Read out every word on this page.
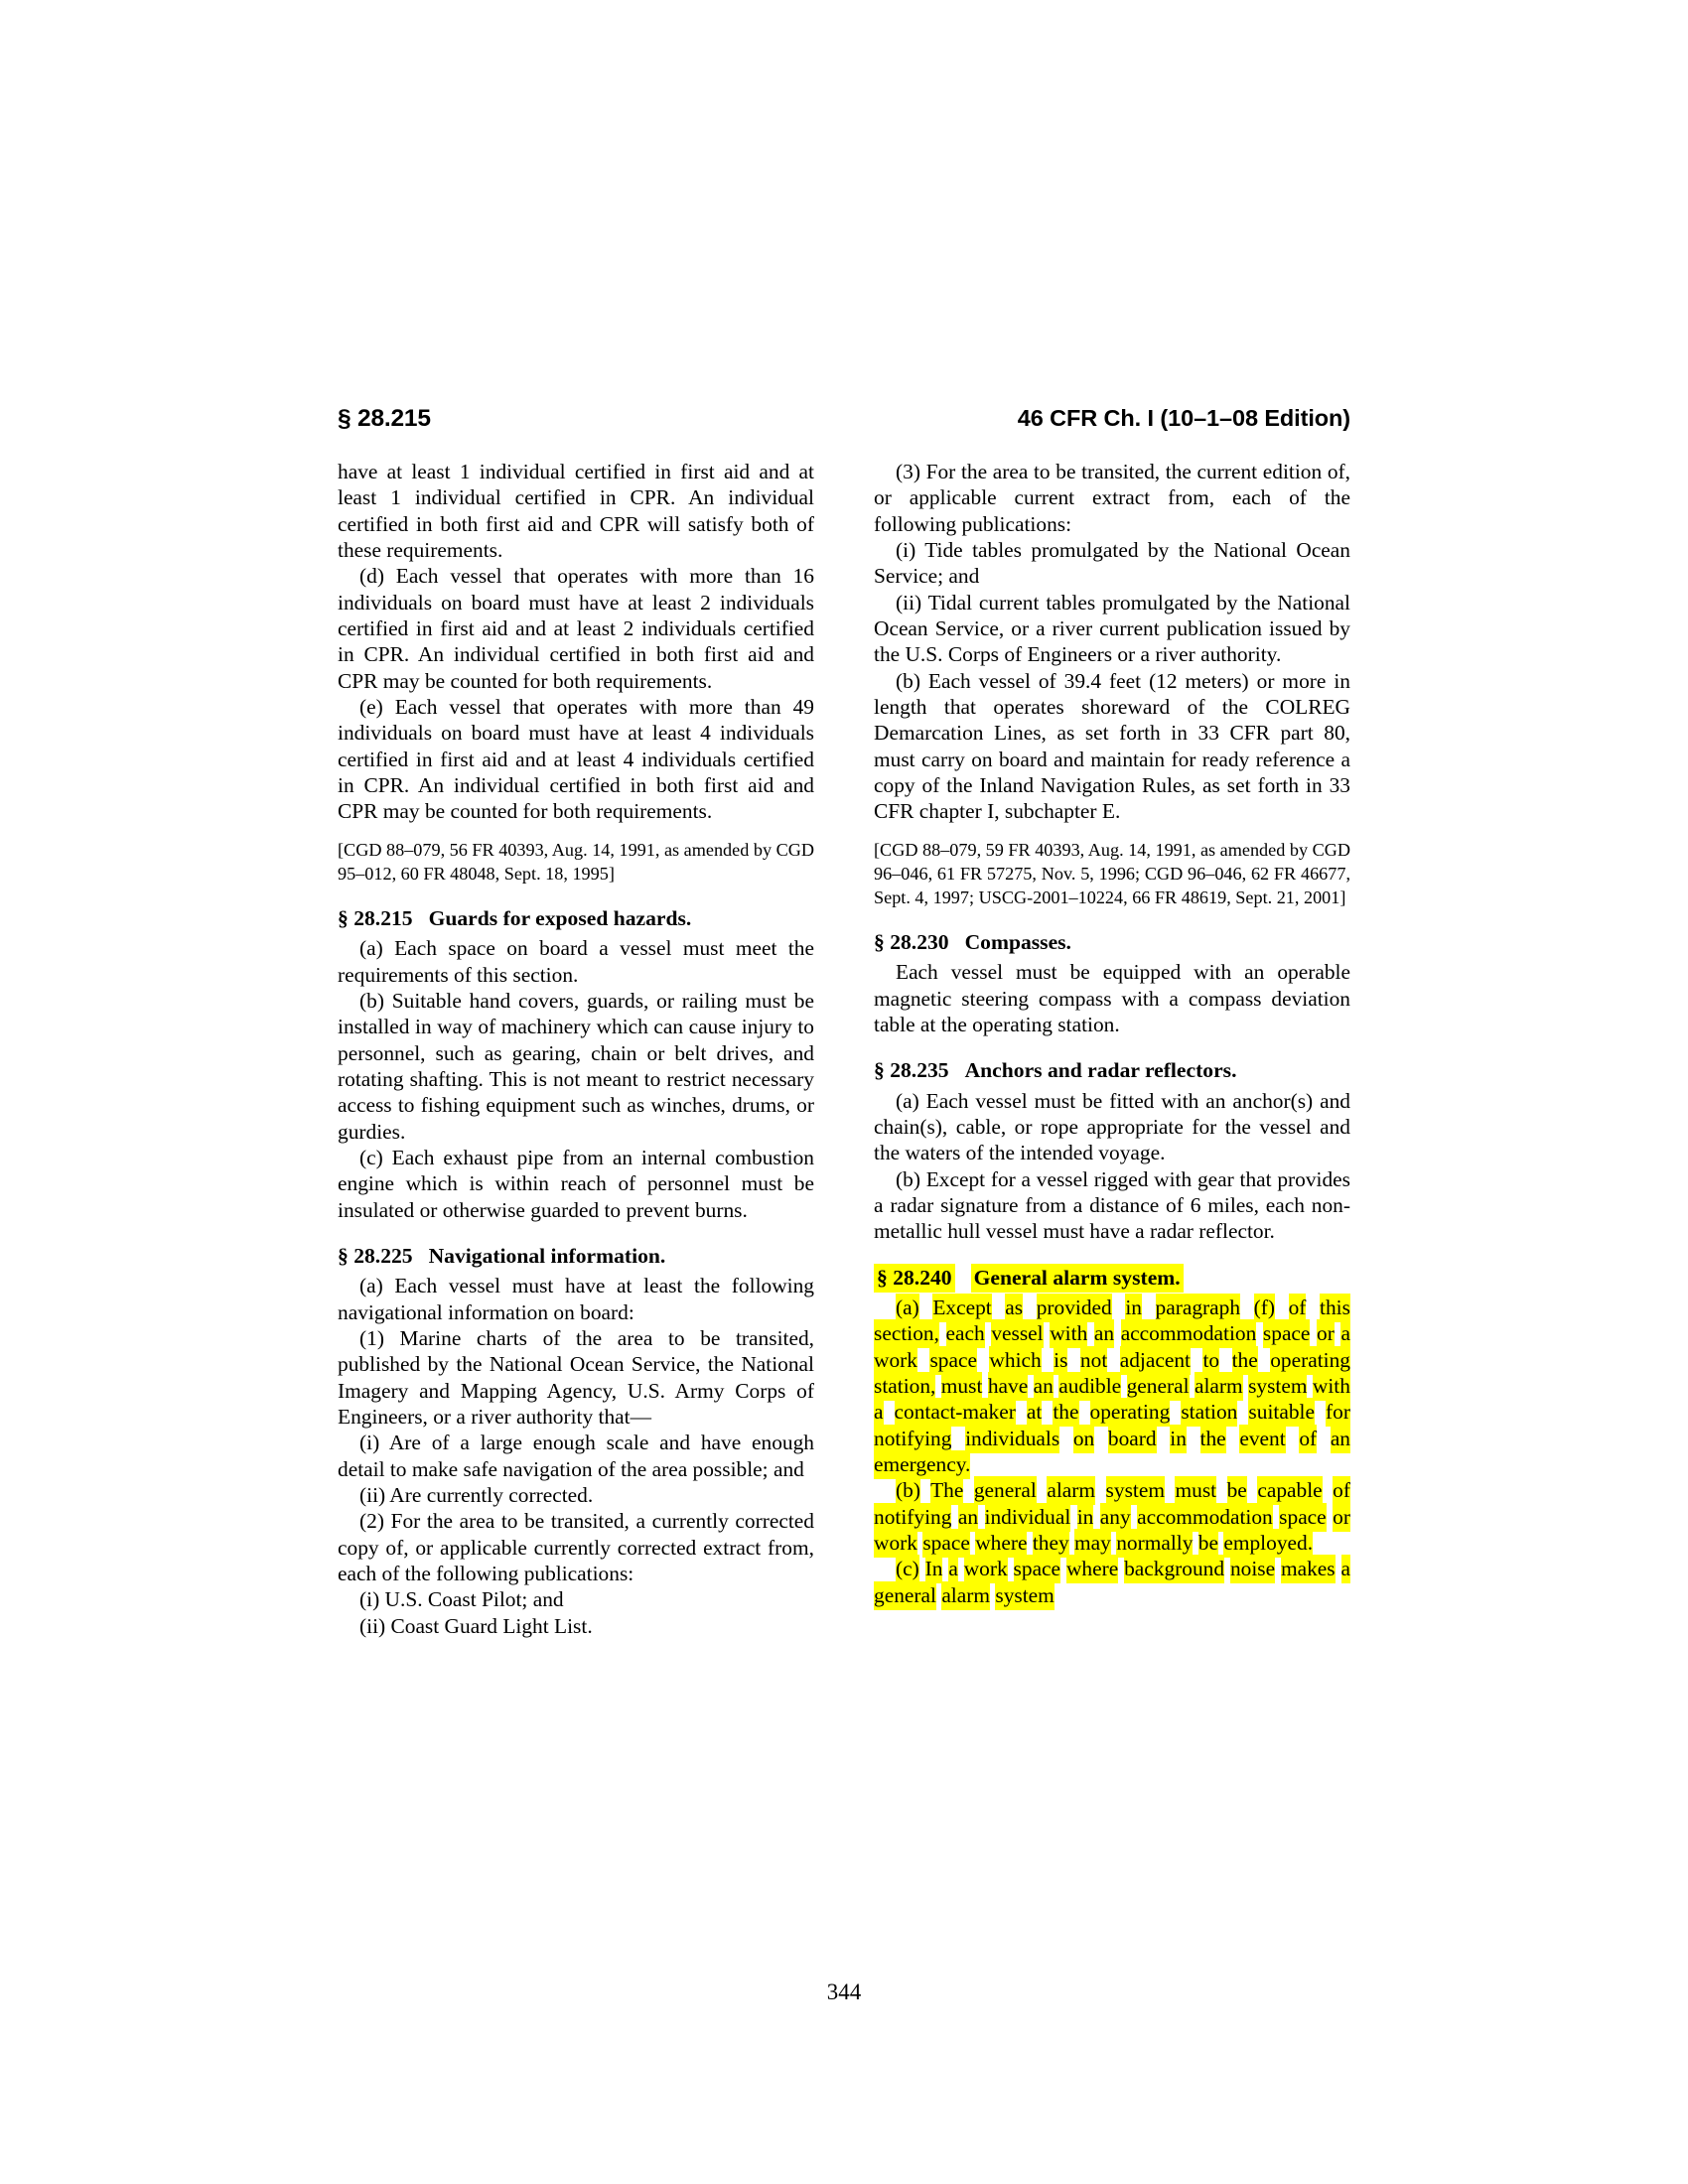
§ 28.215	46 CFR Ch. I (10–1–08 Edition)

have at least 1 individual certified in first aid and at least 1 individual certified in CPR. An individual certified in both first aid and CPR will satisfy both of these requirements.

(d) Each vessel that operates with more than 16 individuals on board must have at least 2 individuals certified in first aid and at least 2 individuals certified in CPR. An individual certified in both first aid and CPR may be counted for both requirements.

(e) Each vessel that operates with more than 49 individuals on board must have at least 4 individuals certified in first aid and at least 4 individuals certified in CPR. An individual certified in both first aid and CPR may be counted for both requirements.

[CGD 88–079, 56 FR 40393, Aug. 14, 1991, as amended by CGD 95–012, 60 FR 48048, Sept. 18, 1995]

§ 28.215 Guards for exposed hazards.

(a) Each space on board a vessel must meet the requirements of this section.

(b) Suitable hand covers, guards, or railing must be installed in way of machinery which can cause injury to personnel, such as gearing, chain or belt drives, and rotating shafting. This is not meant to restrict necessary access to fishing equipment such as winches, drums, or gurdies.

(c) Each exhaust pipe from an internal combustion engine which is within reach of personnel must be insulated or otherwise guarded to prevent burns.

§ 28.225 Navigational information.

(a) Each vessel must have at least the following navigational information on board:

(1) Marine charts of the area to be transited, published by the National Ocean Service, the National Imagery and Mapping Agency, U.S. Army Corps of Engineers, or a river authority that—

(i) Are of a large enough scale and have enough detail to make safe navigation of the area possible; and

(ii) Are currently corrected.

(2) For the area to be transited, a currently corrected copy of, or applicable currently corrected extract from, each of the following publications:

(i) U.S. Coast Pilot; and

(ii) Coast Guard Light List.

(3) For the area to be transited, the current edition of, or applicable current extract from, each of the following publications:

(i) Tide tables promulgated by the National Ocean Service; and

(ii) Tidal current tables promulgated by the National Ocean Service, or a river current publication issued by the U.S. Corps of Engineers or a river authority.

(b) Each vessel of 39.4 feet (12 meters) or more in length that operates shoreward of the COLREG Demarcation Lines, as set forth in 33 CFR part 80, must carry on board and maintain for ready reference a copy of the Inland Navigation Rules, as set forth in 33 CFR chapter I, subchapter E.

[CGD 88–079, 59 FR 40393, Aug. 14, 1991, as amended by CGD 96–046, 61 FR 57275, Nov. 5, 1996; CGD 96–046, 62 FR 46677, Sept. 4, 1997; USCG-2001–10224, 66 FR 48619, Sept. 21, 2001]

§ 28.230 Compasses.

Each vessel must be equipped with an operable magnetic steering compass with a compass deviation table at the operating station.

§ 28.235 Anchors and radar reflectors.

(a) Each vessel must be fitted with an anchor(s) and chain(s), cable, or rope appropriate for the vessel and the waters of the intended voyage.

(b) Except for a vessel rigged with gear that provides a radar signature from a distance of 6 miles, each non-metallic hull vessel must have a radar reflector.

§ 28.240 General alarm system.

(a) Except as provided in paragraph (f) of this section, each vessel with an accommodation space or a work space which is not adjacent to the operating station, must have an audible general alarm system with a contact-maker at the operating station suitable for notifying individuals on board in the event of an emergency.

(b) The general alarm system must be capable of notifying an individual in any accommodation space or work space where they may normally be employed.

(c) In a work space where background noise makes a general alarm system

344
